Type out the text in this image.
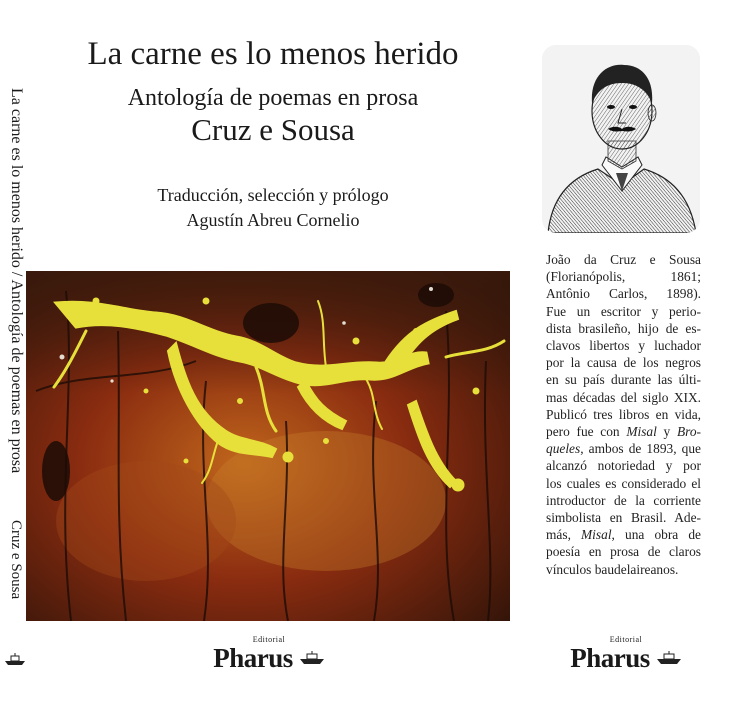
La carne es lo menos herido / Antología de poemas en prosa
Cruz e Sousa
La carne es lo menos herido
Antología de poemas en prosa
Cruz e Sousa
Traducción, selección y prólogo
Agustín Abreu Cornelio
Editorial
Pharus
João da Cruz e Sousa
(Florianópolis, 1861;
Antônio Carlos, 1898).
Fue un escritor y perio-
dista brasileño, hijo de es-
clavos libertos y luchador
por la causa de los negros
en su país durante las últi-
mas décadas del siglo XIX.
Publicó tres libros en vida,
pero fue con Misal y Bro-
queles, ambos de 1893, que
alcanzó notoriedad y por
los cuales es considerado el
introductor de la corriente
simbolista en Brasil. Ade-
más, Misal, una obra de
poesía en prosa de claros
vínculos baudelaireanos.
Editorial
Pharus
